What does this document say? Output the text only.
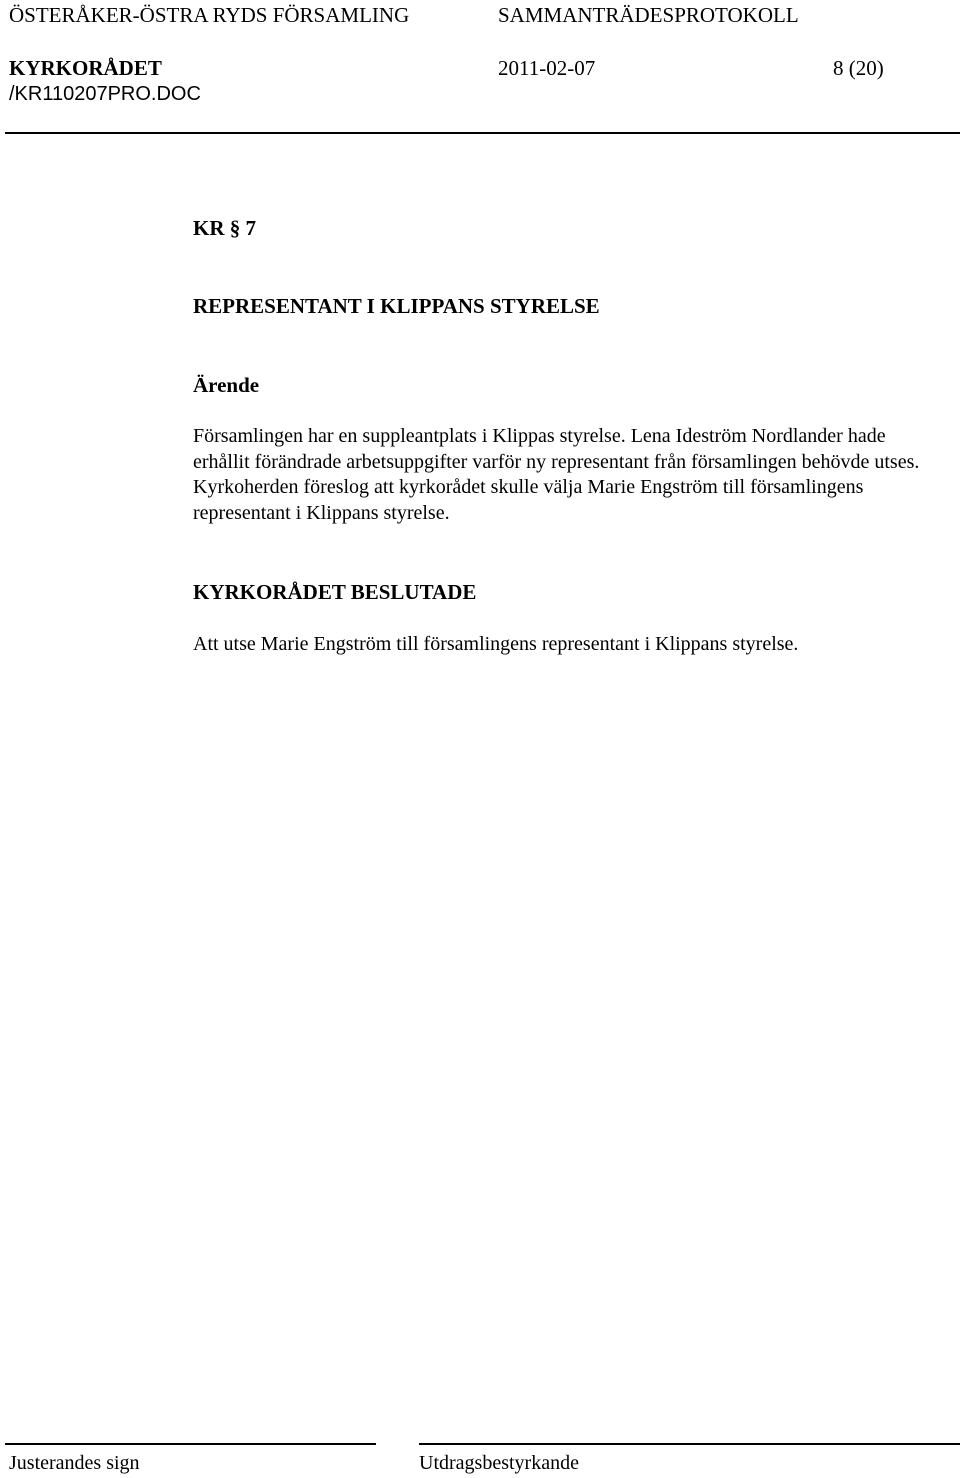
ÖSTERÅKER-ÖSTRA RYDS FÖRSAMLING	SAMMANTRÄDESPROTOKOLL
KYRKORÅDET	2011-02-07	8 (20)
/KR110207PRO.DOC
KR § 7
REPRESENTANT I KLIPPANS STYRELSE
Ärende
Församlingen har en suppleantplats i Klippas styrelse. Lena Ideström Nordlander hade erhållit förändrade arbetsuppgifter varför ny representant från församlingen behövde utses. Kyrkoherden föreslog att kyrkorådet skulle välja Marie Engström till församlingens representant i Klippans styrelse.
KYRKORÅDET BESLUTADE
Att utse Marie Engström till församlingens representant i Klippans styrelse.
Justerandes sign	Utdragsbestyrkande
